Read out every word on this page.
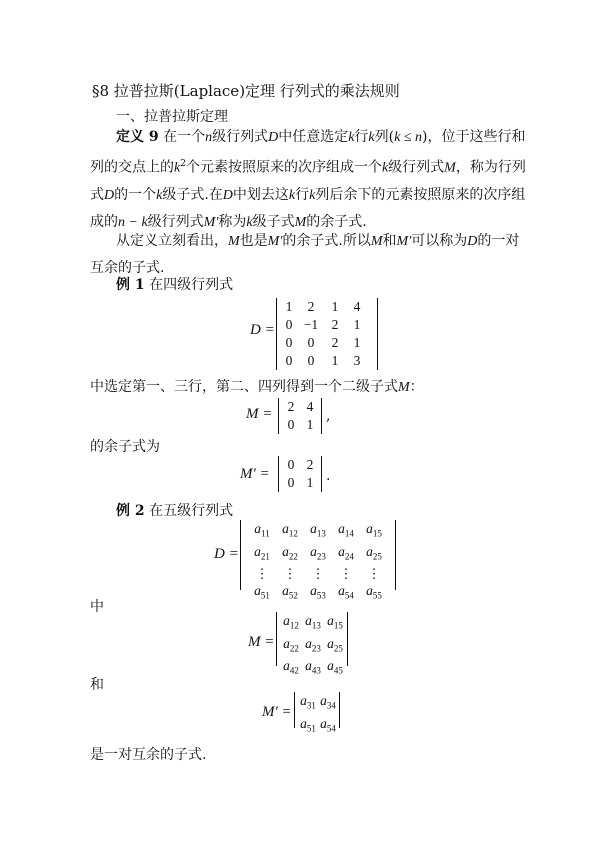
§8 拉普拉斯(Laplace)定理 行列式的乘法规则
一、拉普拉斯定理
定义 9 在一个n级行列式D中任意选定k行k列(k ≤ n)，位于这些行和列的交点上的$k^2$个元素按照原来的次序组成一个k级行列式M，称为行列式D的一个k级子式.在D中划去这k行k列后余下的元素按照原来的次序组成的n − k级行列式M′称为k级子式M的余子式.
从定义立刻看出，M也是M′的余子式.所以M和M′可以称为D的一对互余的子式.
例 1 在四级行列式
D =
1	2	1	4
0 −1 2	1
0	0	2	1
0	0	1	3
中选定第一、三行，第二、四列得到一个二级子式M：
M =	2 4
0 1
,
的余子式为
M′ =
0 2
0 1 .
例 2 在五级行列式
D =
$a_{11}$ $a_{12}$ $a_{13}$ $a_{14}$ $a_{15}$
$a_{21}$ $a_{22}$ $a_{23}$ $a_{24}$ $a_{25}$
⋮	⋮	⋮	⋮	⋮
$a_{51}$ $a_{52}$ $a_{53}$ $a_{54}$ $a_{55}$
中
M =
$a_{12}$ $a_{13}$ $a_{15}$
$a_{22}$ $a_{23}$ $a_{25}$
$a_{42}$ $a_{43}$ $a_{45}$
和
M′ =
$a_{31}$ $a_{34}$
$a_{51}$ $a_{54}$
是一对互余的子式.
